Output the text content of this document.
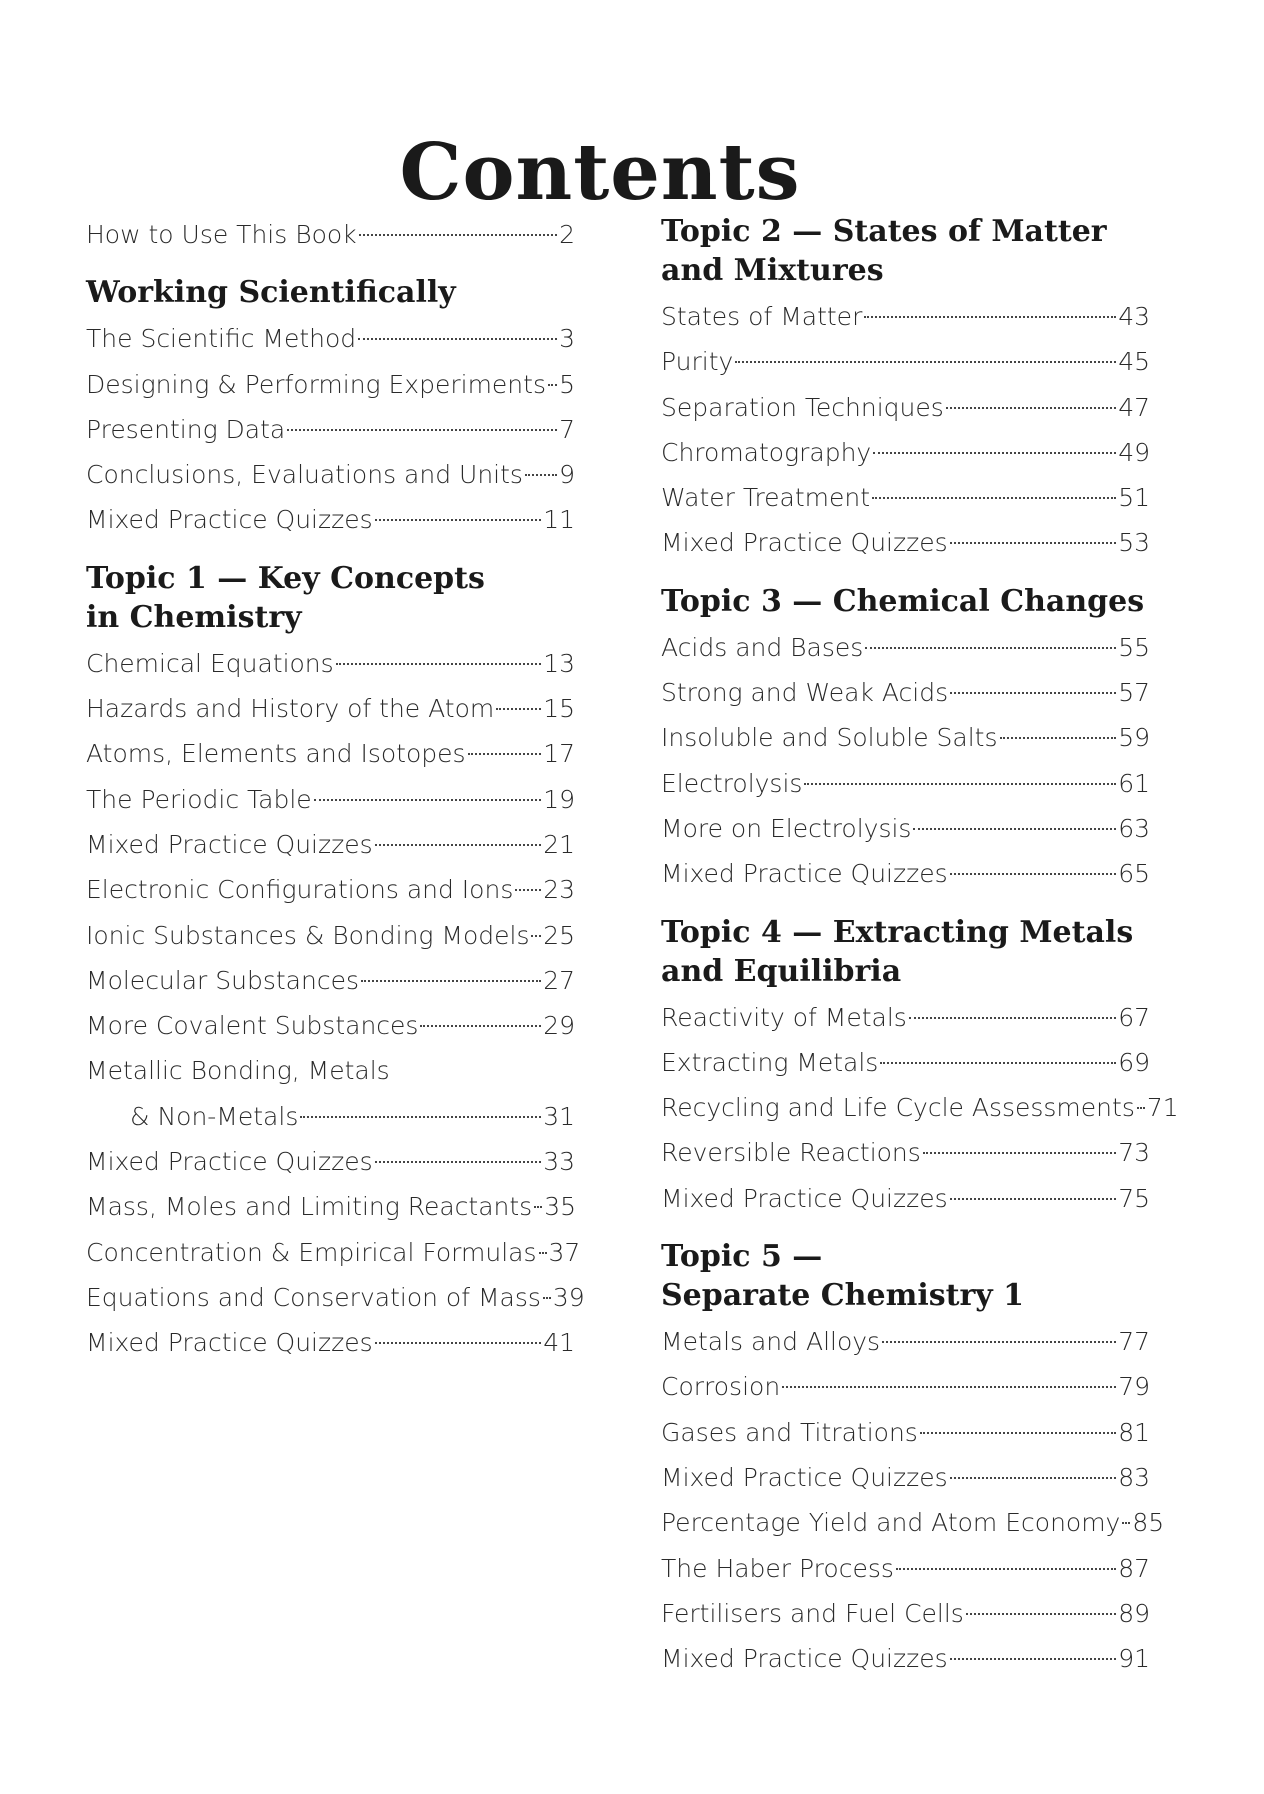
Contents
How to Use This Book	2
Working Scientifically
The Scientific Method	3
Designing & Performing Experiments 5
Presenting Data	7
Conclusions, Evaluations and Units 9
Mixed Practice Quizzes	11
Topic 1 — Key Concepts
in Chemistry
Chemical Equations	13
Hazards and History of the Atom 15
Atoms, Elements and Isotopes	17
The Periodic Table	19
Mixed Practice Quizzes	21
Electronic Configurations and Ions 23
Ionic Substances & Bonding Models 25
Molecular Substances	27
More Covalent Substances	29
Metallic Bonding, Metals
& Non-Metals	31
Mixed Practice Quizzes	33
Mass, Moles and Limiting Reactants 35
Concentration & Empirical Formulas 37
Equations and Conservation of Mass 39
Mixed Practice Quizzes	41
Topic 2 — States of Matter
and Mixtures
States of Matter	43
Purity	45
Separation Techniques	47
Chromatography	49
Water Treatment	51
Mixed Practice Quizzes	53
Topic 3 — Chemical Changes
Acids and Bases	55
Strong and Weak Acids	57
Insoluble and Soluble Salts	59
Electrolysis	61
More on Electrolysis	63
Mixed Practice Quizzes	65
Topic 4 — Extracting Metals
and Equilibria
Reactivity of Metals	67
Extracting Metals	69
Recycling and Life Cycle Assessments 71
Reversible Reactions	73
Mixed Practice Quizzes	75
Topic 5 —
Separate Chemistry 1
Metals and Alloys	77
Corrosion	79
Gases and Titrations	81
Mixed Practice Quizzes	83
Percentage Yield and Atom Economy 85
The Haber Process	87
Fertilisers and Fuel Cells	89
Mixed Practice Quizzes	91
